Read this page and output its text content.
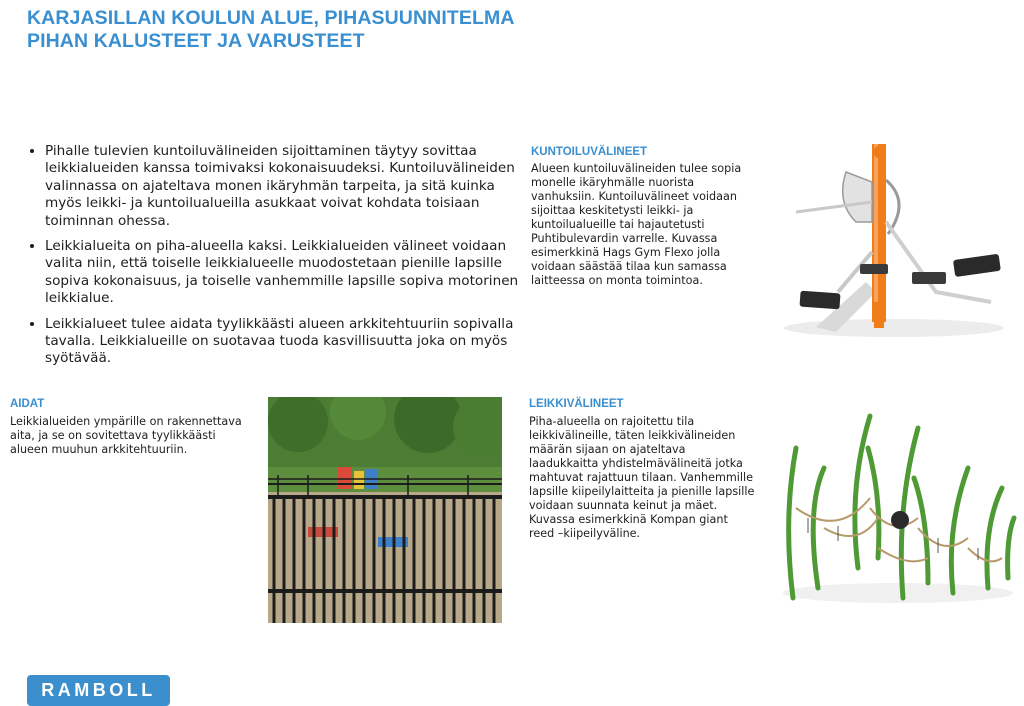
KARJASILLAN KOULUN ALUE, PIHASUUNNITELMA
PIHAN KALUSTEET JA VARUSTEET
• Pihalle tulevien kuntoiluvälineiden sijoittaminen täytyy sovittaa leikkialueiden kanssa toimivaksi kokonaisuudeksi. Kuntoiluvälineiden valinnassa on ajateltava monen ikäryhmän tarpeita, ja sitä kuinka myös leikki- ja kuntoilualueilla asukkaat voivat kohdata toisiaan toiminnan ohessa.
• Leikkialueita on piha-alueella kaksi. Leikkialueiden välineet voidaan valita niin, että toiselle leikkialueelle muodostetaan pienille lapsille sopiva kokonaisuus, ja toiselle vanhemmille lapsille sopiva motorinen leikkialue.
• Leikkialueet tulee aidata tyylikkäästi alueen arkkitehtuuriin sopivalla tavalla. Leikkialueille on suotavaa tuoda kasvillisuutta joka on myös syötävää.
KUNTOILUVÄLINEET
Alueen kuntoiluvälineiden tulee sopia monelle ikäryhmälle nuorista vanhuksiin. Kuntoiluvälineet voidaan sijoittaa keskitetysti leikki- ja kuntoilualueille tai hajautetusti Puhtibulevardin varrelle. Kuvassa esimerkkinä Hags Gym Flexo jolla voidaan säästää tilaa kun samassa laitteessa on monta toimintoa.
AIDAT
Leikkialueiden ympärille on rakennettava aita, ja se on sovitettava tyylikkäästi alueen muuhun arkkitehtuuriin.
LEIKKIVÄLINEET
Piha-alueella on rajoitettu tila leikkivälineille, täten leikkivälineiden määrän sijaan on ajateltava laadukkaitta yhdistelmävälineitä jotka mahtuvat rajattuun tilaan. Vanhemmille lapsille kiipeilylaitteita ja pienille lapsille voidaan suunnata keinut ja mäet. Kuvassa esimerkkinä Kompan giant reed –kiipeilyväline.
RAMBOLL
